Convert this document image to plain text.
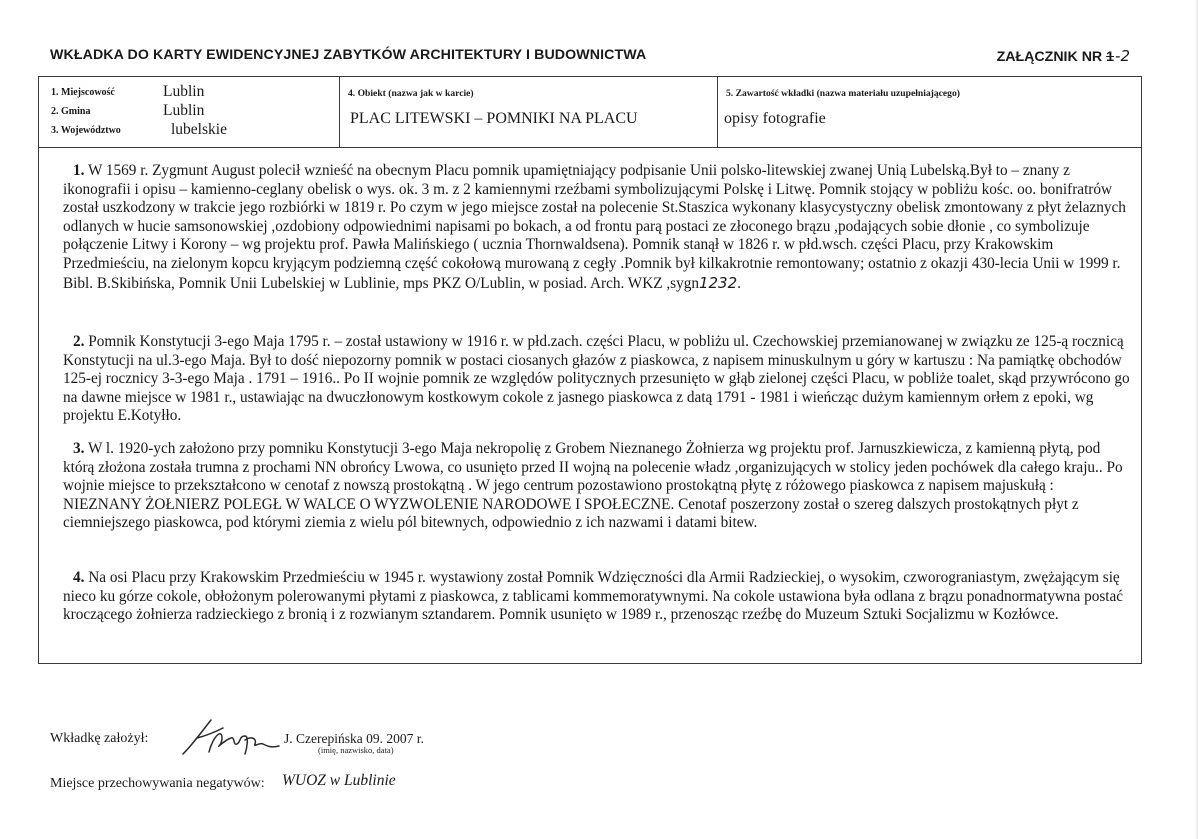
WKŁADKA DO KARTY EWIDENCYJNEJ ZABYTKÓW ARCHITEKTURY I BUDOWNICTWA	ZAŁĄCZNIK NR 1-2
1. Miejscowość	Lublin
2. Gmina	Lublin
3. Województwo	lubelskie
4. Obiekt (nazwa jak w karcie)
PLAC LITEWSKI – POMNIKI NA PLACU
5. Zawartość wkładki (nazwa materiału uzupełniającego)
opisy fotografie

1. W 1569 r. Zygmunt August polecił wznieść na obecnym Placu pomnik upamiętniający podpisanie Unii polsko-litewskiej zwanej Unią Lubelską.Był to – znany z ikonografii i opisu – kamienno-ceglany obelisk o wys. ok. 3 m. z 2 kamiennymi rzeźbami symbolizującymi Polskę i Litwę. Pomnik stojący w pobliżu kośc. oo. bonifratrów został uszkodzony w trakcie jego rozbiórki w 1819 r. Po czym w jego miejsce został na polecenie St.Staszica wykonany klasycystyczny obelisk zmontowany z płyt żelaznych odlanych w hucie samsonowskiej ,ozdobiony odpowiednimi napisami po bokach, a od frontu parą postaci ze złoconego brązu ,podających sobie dłonie , co symbolizuje połączenie Litwy i Korony – wg projektu prof. Pawła Malińskiego ( ucznia Thornwaldsena). Pomnik stanął w 1826 r. w płd.wsch. części Placu, przy Krakowskim Przedmieściu, na zielonym kopcu kryjącym podziemną część cokołową murowaną z cegły .Pomnik był kilkakrotnie remontowany; ostatnio z okazji 430-lecia Unii w 1999 r. Bibl. B.Skibińska, Pomnik Unii Lubelskiej w Lublinie, mps PKZ O/Lublin, w posiad. Arch. WKZ ,sygn1232.

2. Pomnik Konstytucji 3-ego Maja 1795 r. – został ustawiony w 1916 r. w płd.zach. części Placu, w pobliżu ul. Czechowskiej przemianowanej w związku ze 125-ą rocznicą Konstytucji na ul.3-ego Maja. Był to dość niepozorny pomnik w postaci ciosanych głazów z piaskowca, z napisem minuskulnym u góry w kartuszu : Na pamiątkę obchodów 125-ej rocznicy 3-3-ego Maja . 1791 – 1916.. Po II wojnie pomnik ze względów politycznych przesunięto w głąb zielonej części Placu, w pobliże toalet, skąd przywrócono go na dawne miejsce w 1981 r., ustawiając na dwuczłonowym kostkowym cokole z jasnego piaskowca z datą 1791 - 1981 i wieńcząc dużym kamiennym orłem z epoki, wg projektu E.Kotyłło.

3. W l. 1920-ych założono przy pomniku Konstytucji 3-ego Maja nekropolię z Grobem Nieznanego Żołnierza wg projektu prof. Jarnuszkiewicza, z kamienną płytą, pod którą złożona została trumna z prochami NN obrońcy Lwowa, co usunięto przed II wojną na polecenie władz ,organizujących w stolicy jeden pochówek dla całego kraju.. Po wojnie miejsce to przekształcono w cenotaf z nowszą prostokątną . W jego centrum pozostawiono prostokątną płytę z różowego piaskowca z napisem majuskułą : NIEZNANY ŻOŁNIERZ POLEGŁ W WALCE O WYZWOLENIE NARODOWE I SPOŁECZNE. Cenotaf poszerzony został o szereg dalszych prostokątnych płyt z ciemniejszego piaskowca, pod którymi ziemia z wielu pól bitewnych, odpowiednio z ich nazwami i datami bitew.

4. Na osi Placu przy Krakowskim Przedmieściu w 1945 r. wystawiony został Pomnik Wdzięczności dla Armii Radzieckiej, o wysokim, czworograniastym, zwężającym się nieco ku górze cokole, obłożonym polerowanymi płytami z piaskowca, z tablicami kommemoratywnymi. Na cokole ustawiona była odlana z brązu ponadnormatywna postać kroczącego żołnierza radzieckiego z bronią i z rozwianym sztandarem. Pomnik usunięto w 1989 r., przenosząc rzeźbę do Muzeum Sztuki Socjalizmu w Kozłówce.

Wkładkę założył:	J. Czerepińska 09. 2007 r.
(imię, nazwisko, data)
Miejsce przechowywania negatywów: WUOZ w Lublinie
